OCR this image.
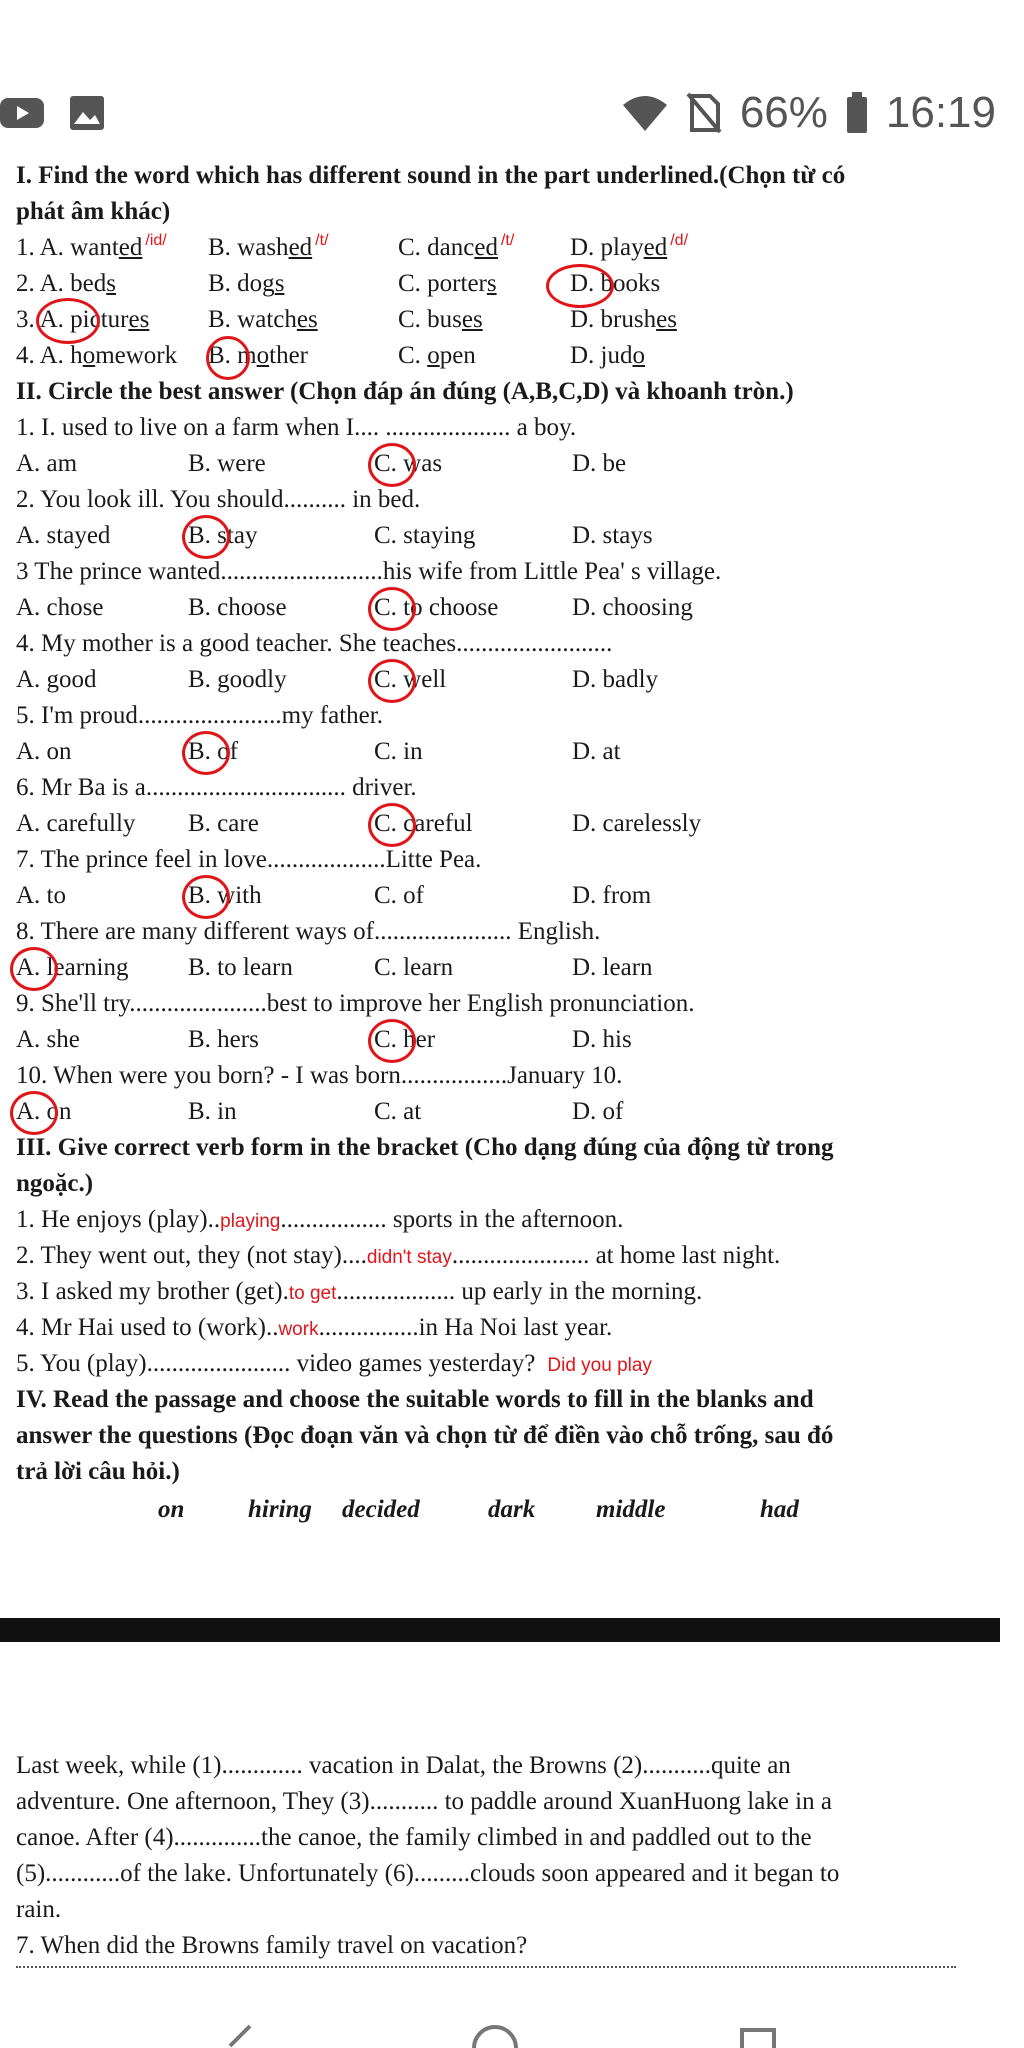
66% 16:19
I. Find the word which has different sound in the part underlined.(Chọn từ có
phát âm khác)
1. A. wanted $^{/id/}$ B. washed $^{/t/}$	C. danced $^{/t/}$ D. played $^{/d/}$
2. A. beds	B. dogs	C. porters	D. books
3. A. pictures B. watches	C. buses	D. brushes
4. A. homework B. mother	C. open	D. judo
II. Circle the best answer (Chọn đáp án đúng (A,B,C,D) và khoanh tròn.)
1. I. used to live on a farm when I.... .................... a boy.
A. am	B. were	C. was	D. be
2. You look ill. You should.......... in bed.
A. stayed	B. stay	C. staying	D. stays
3 The prince wanted..........................his wife from Little Pea' s village.
A. chose	B. choose	C. to choose	D. choosing
4. My mother is a good teacher. She teaches.........................
A. good	B. goodly	C. well	D. badly
5. I'm proud.......................my father.
A. on	B. of	C. in	D. at
6. Mr Ba is a................................ driver.
A. carefully B. care	C. careful	D. carelessly
7. The prince feel in love...................Litte Pea.
A. to	B. with	C. of	D. from
8. There are many different ways of...................... English.
A. learning B. to learn	C. learn	D. learn
9. She'll try......................best to improve her English pronunciation.
A. she	B. hers	C. her	D. his
10. When were you born? - I was born.................January 10.
A. on	B. in	C. at	D. of
III. Give correct verb form in the bracket (Cho dạng đúng của động từ trong
ngoặc.)
1. He enjoys (play)..playing................. sports in the afternoon.
2. They went out, they (not stay)....didn't stay...................... at home last night.
3. I asked my brother (get).to get................... up early in the morning.
4. Mr Hai used to (work)..work................in Ha Noi last year.
5. You (play)....................... video games yesterday? Did you play
IV. Read the passage and choose the suitable words to fill in the blanks and
answer the questions (Đọc đoạn văn và chọn từ để điền vào chỗ trống, sau đó
trả lời câu hỏi.)
on	hiring decided	dark middle	had
Last week, while (1)............. vacation in Dalat, the Browns (2)...........quite an
adventure. One afternoon, They (3)........... to paddle around XuanHuong lake in a
canoe. After (4)..............the canoe, the family climbed in and paddled out to the
(5)............of the lake. Unfortunately (6).........clouds soon appeared and it began to
rain.
7. When did the Browns family travel on vacation?
